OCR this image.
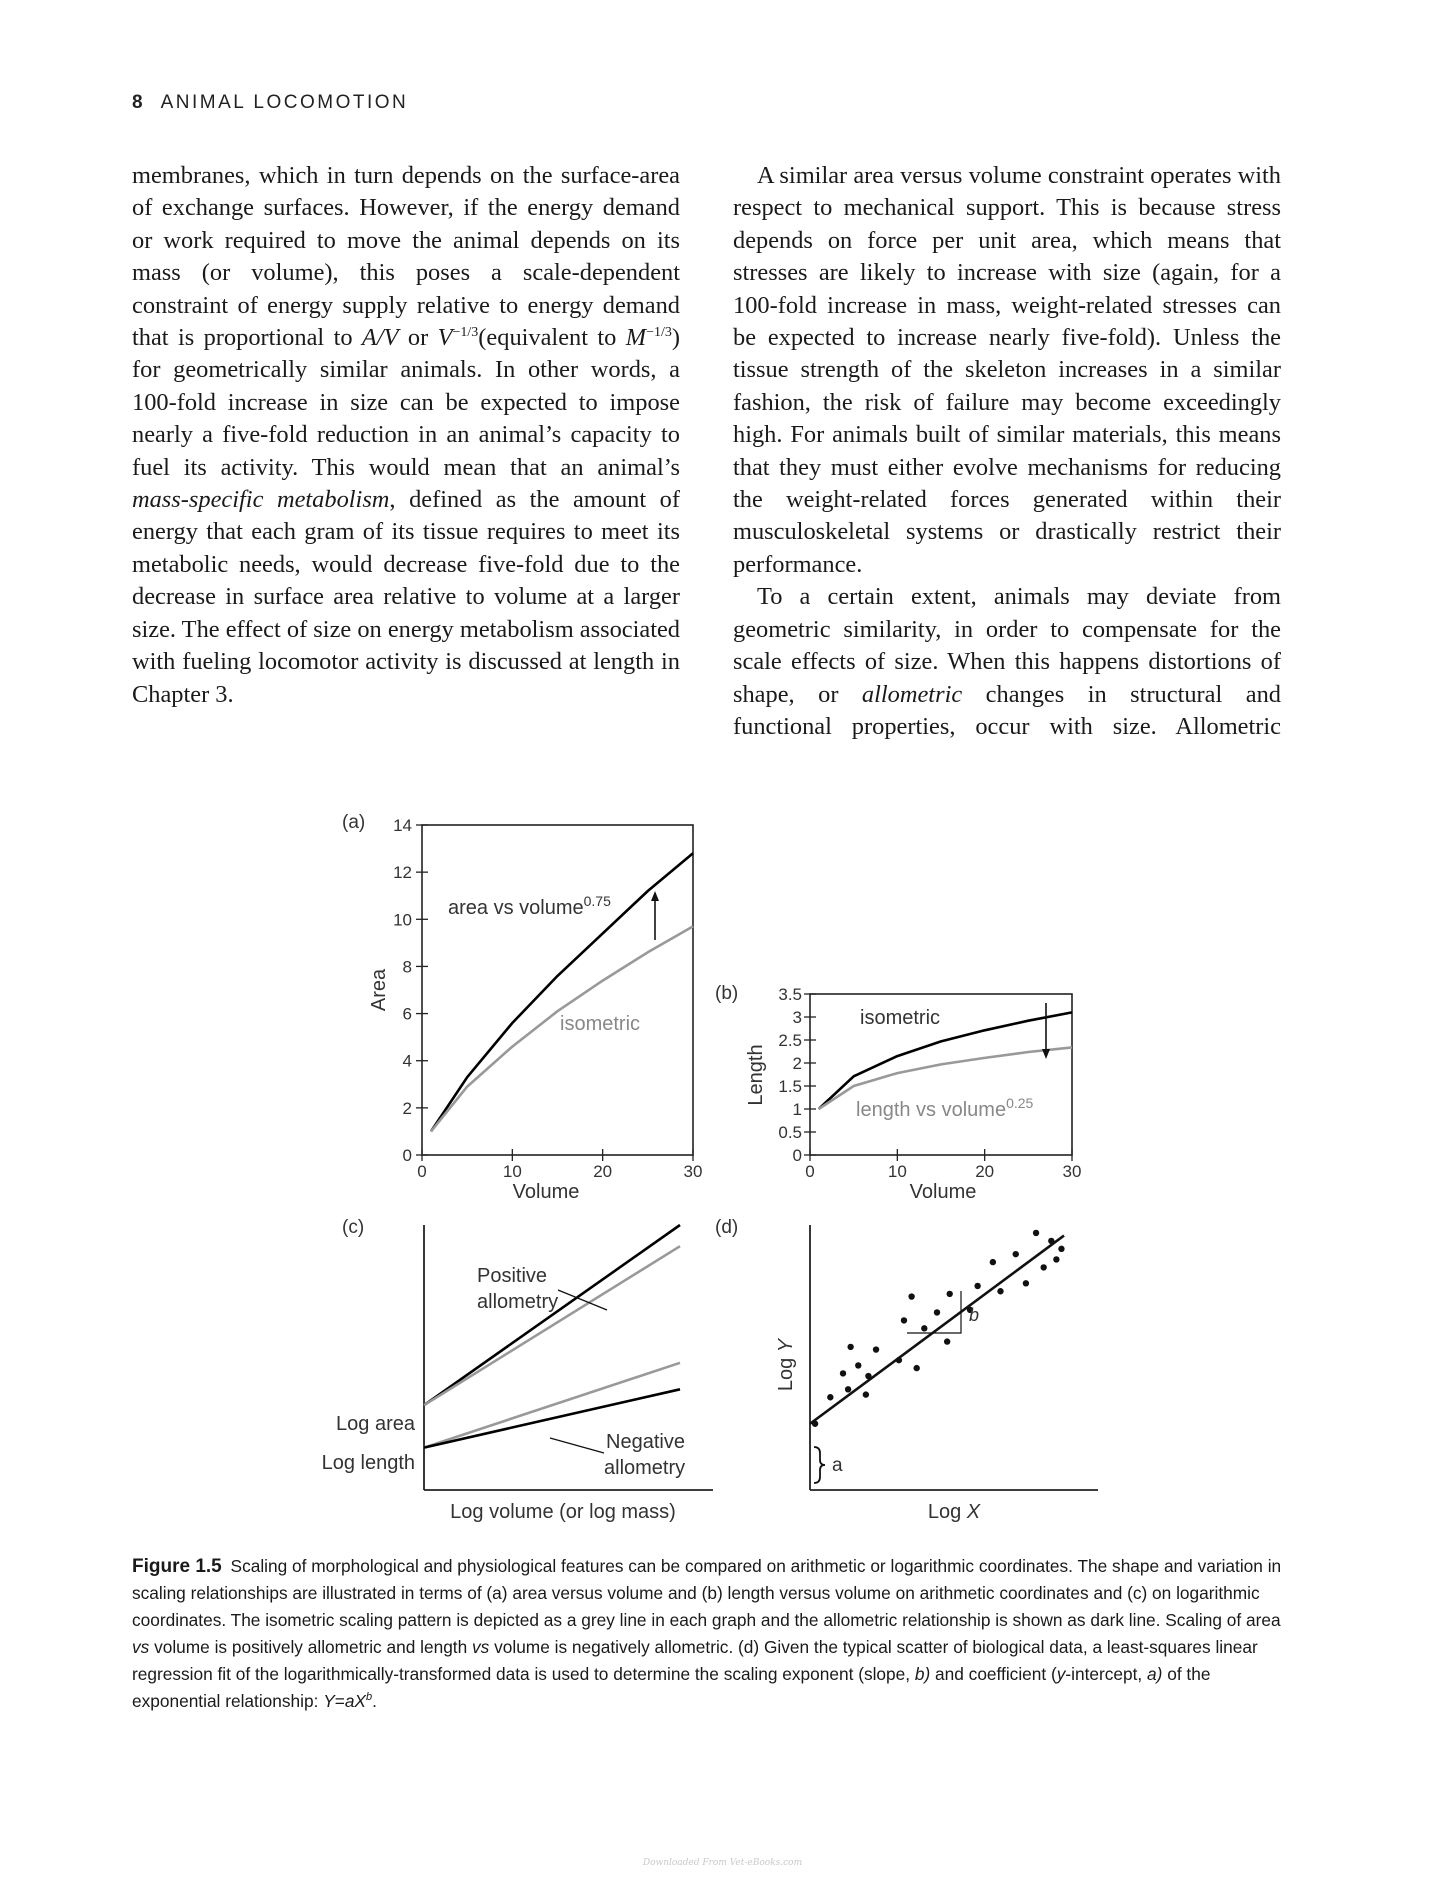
8 ANIMAL LOCOMOTION

membranes, which in turn depends on the surface-area of exchange surfaces. However, if the energy demand or work required to move the animal depends on its mass (or volume), this poses a scale-dependent constraint of energy supply relative to energy demand that is proportional to A/V or $V^{-1/3}(equivalent$ to $M^{-1/3}$) for geometrically similar animals. In other words, a 100-fold increase in size can be expected to impose nearly a five-fold reduction in an animal’s capacity to fuel its activity. This would mean that an animal’s mass-specific metabolism, defined as the amount of energy that each gram of its tissue requires to meet its metabolic needs, would decrease five-fold due to the decrease in surface area relative to volume at a larger size. The effect of size on energy metabolism associated with fueling locomotor activity is discussed at length in Chapter 3.

A similar area versus volume constraint operates with respect to mechanical support. This is because stress depends on force per unit area, which means that stresses are likely to increase with size (again, for a 100-fold increase in mass, weight-related stresses can be expected to increase nearly five-fold). Unless the tissue strength of the skeleton increases in a similar fashion, the risk of failure may become exceedingly high. For animals built of similar materials, this means that they must either evolve mechanisms for reducing the weight-related forces generated within their musculoskeletal systems or drastically restrict their performance.

To a certain extent, animals may deviate from geometric similarity, in order to compensate for the scale effects of size. When this happens distortions of shape, or allometric changes in structural and functional properties, occur with size. Allometric

(a)
0
2
4
6
8
10
12
14
0	10	20	30
area vs volume$^{0.75}$
isometric
Area
Volume
(b)
0
0.5
1
1.5
2
2.5
3
3.5
0	10	20	30
isometric
length vs volume$^{0.25}$
Length
Volume
(c)
Positive
allometry
Negative
allometry
Log area
Log length
Log volume (or log mass)
(d)
b
a
Log Y
Log X
Figure 1.5 Scaling of morphological and physiological features can be compared on arithmetic or logarithmic coordinates. The shape and variation in scaling relationships are illustrated in terms of (a) area versus volume and (b) length versus volume on arithmetic coordinates and (c) on logarithmic coordinates. The isometric scaling pattern is depicted as a grey line in each graph and the allometric relationship is shown as dark line. Scaling of area vs volume is positively allometric and length vs volume is negatively allometric. (d) Given the typical scatter of biological data, a least-squares linear regression fit of the logarithmically-transformed data is used to determine the scaling exponent (slope, b) and coefficient (y-intercept, a) of the exponential relationship: $Y=aX^b$.
Downloaded From Vet-eBooks.com
